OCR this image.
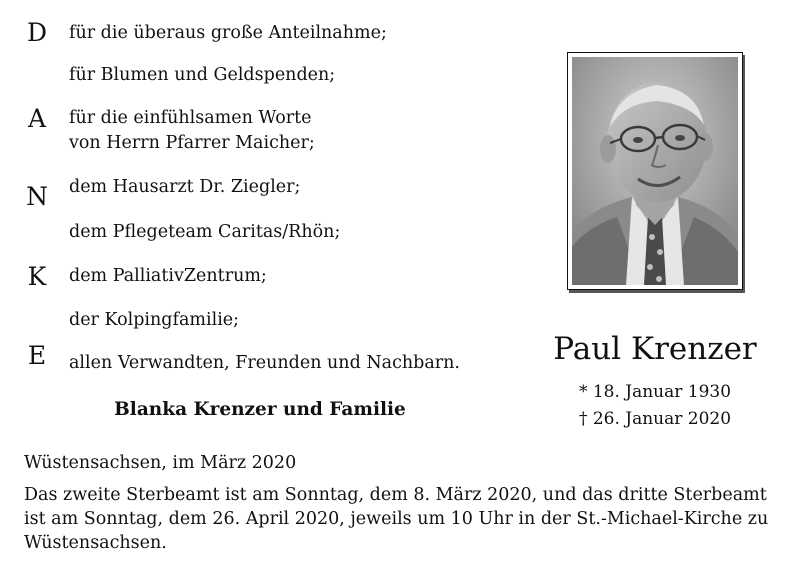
D
A
N
K
E
für die überaus große Anteilnahme;
für Blumen und Geldspenden;
für die einfühlsamen Worte
von Herrn Pfarrer Maicher;
dem Hausarzt Dr. Ziegler;
dem Pflegeteam Caritas/Rhön;
dem PalliativZentrum;
der Kolpingfamilie;
allen Verwandten, Freunden und Nachbarn.
Blanka Krenzer und Familie
Paul Krenzer
* 18. Januar 1930
† 26. Januar 2020
Wüstensachsen, im März 2020
Das zweite Sterbeamt ist am Sonntag, dem 8. März 2020, und das dritte Sterbeamt ist am Sonntag, dem 26. April 2020, jeweils um 10 Uhr in der St.-Michael-Kirche zu Wüstensachsen.
